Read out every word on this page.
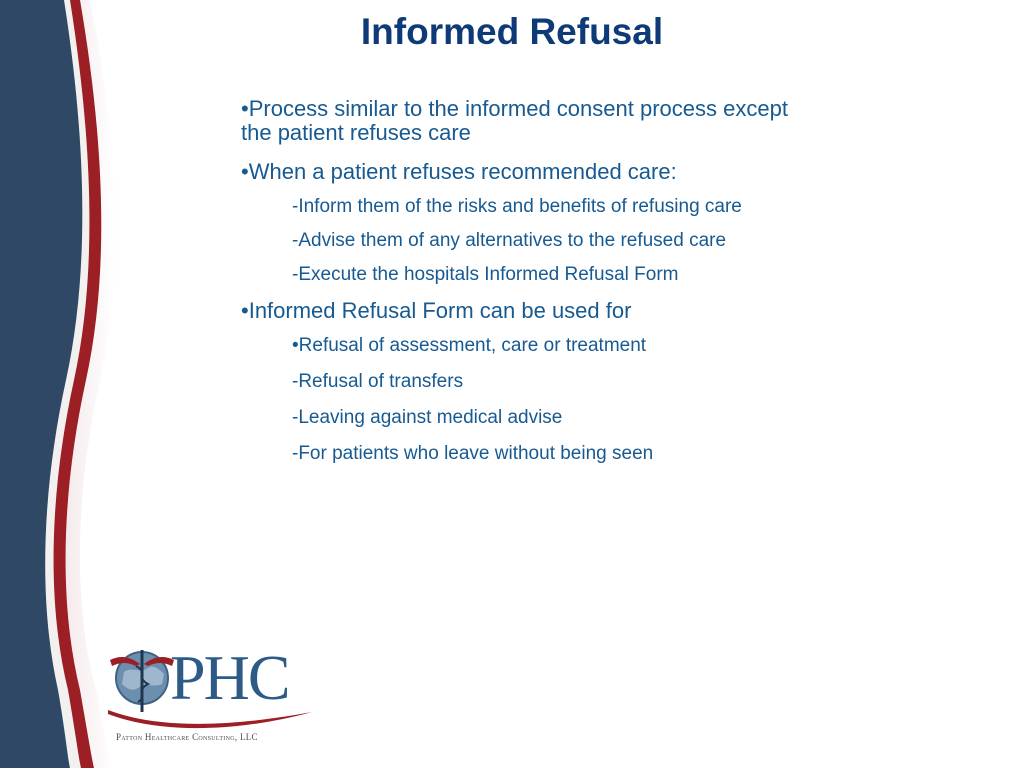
Informed Refusal
•Process similar to the informed consent process except the patient refuses care
•When a patient refuses recommended care:
-Inform them of the risks and benefits of refusing care
-Advise them of any alternatives to the refused care
-Execute the hospitals Informed Refusal Form
•Informed Refusal Form can be used for
•Refusal of assessment, care or treatment
-Refusal of transfers
-Leaving against medical advise
-For patients who leave without being seen
PHC
Patton Healthcare Consulting, LLC
